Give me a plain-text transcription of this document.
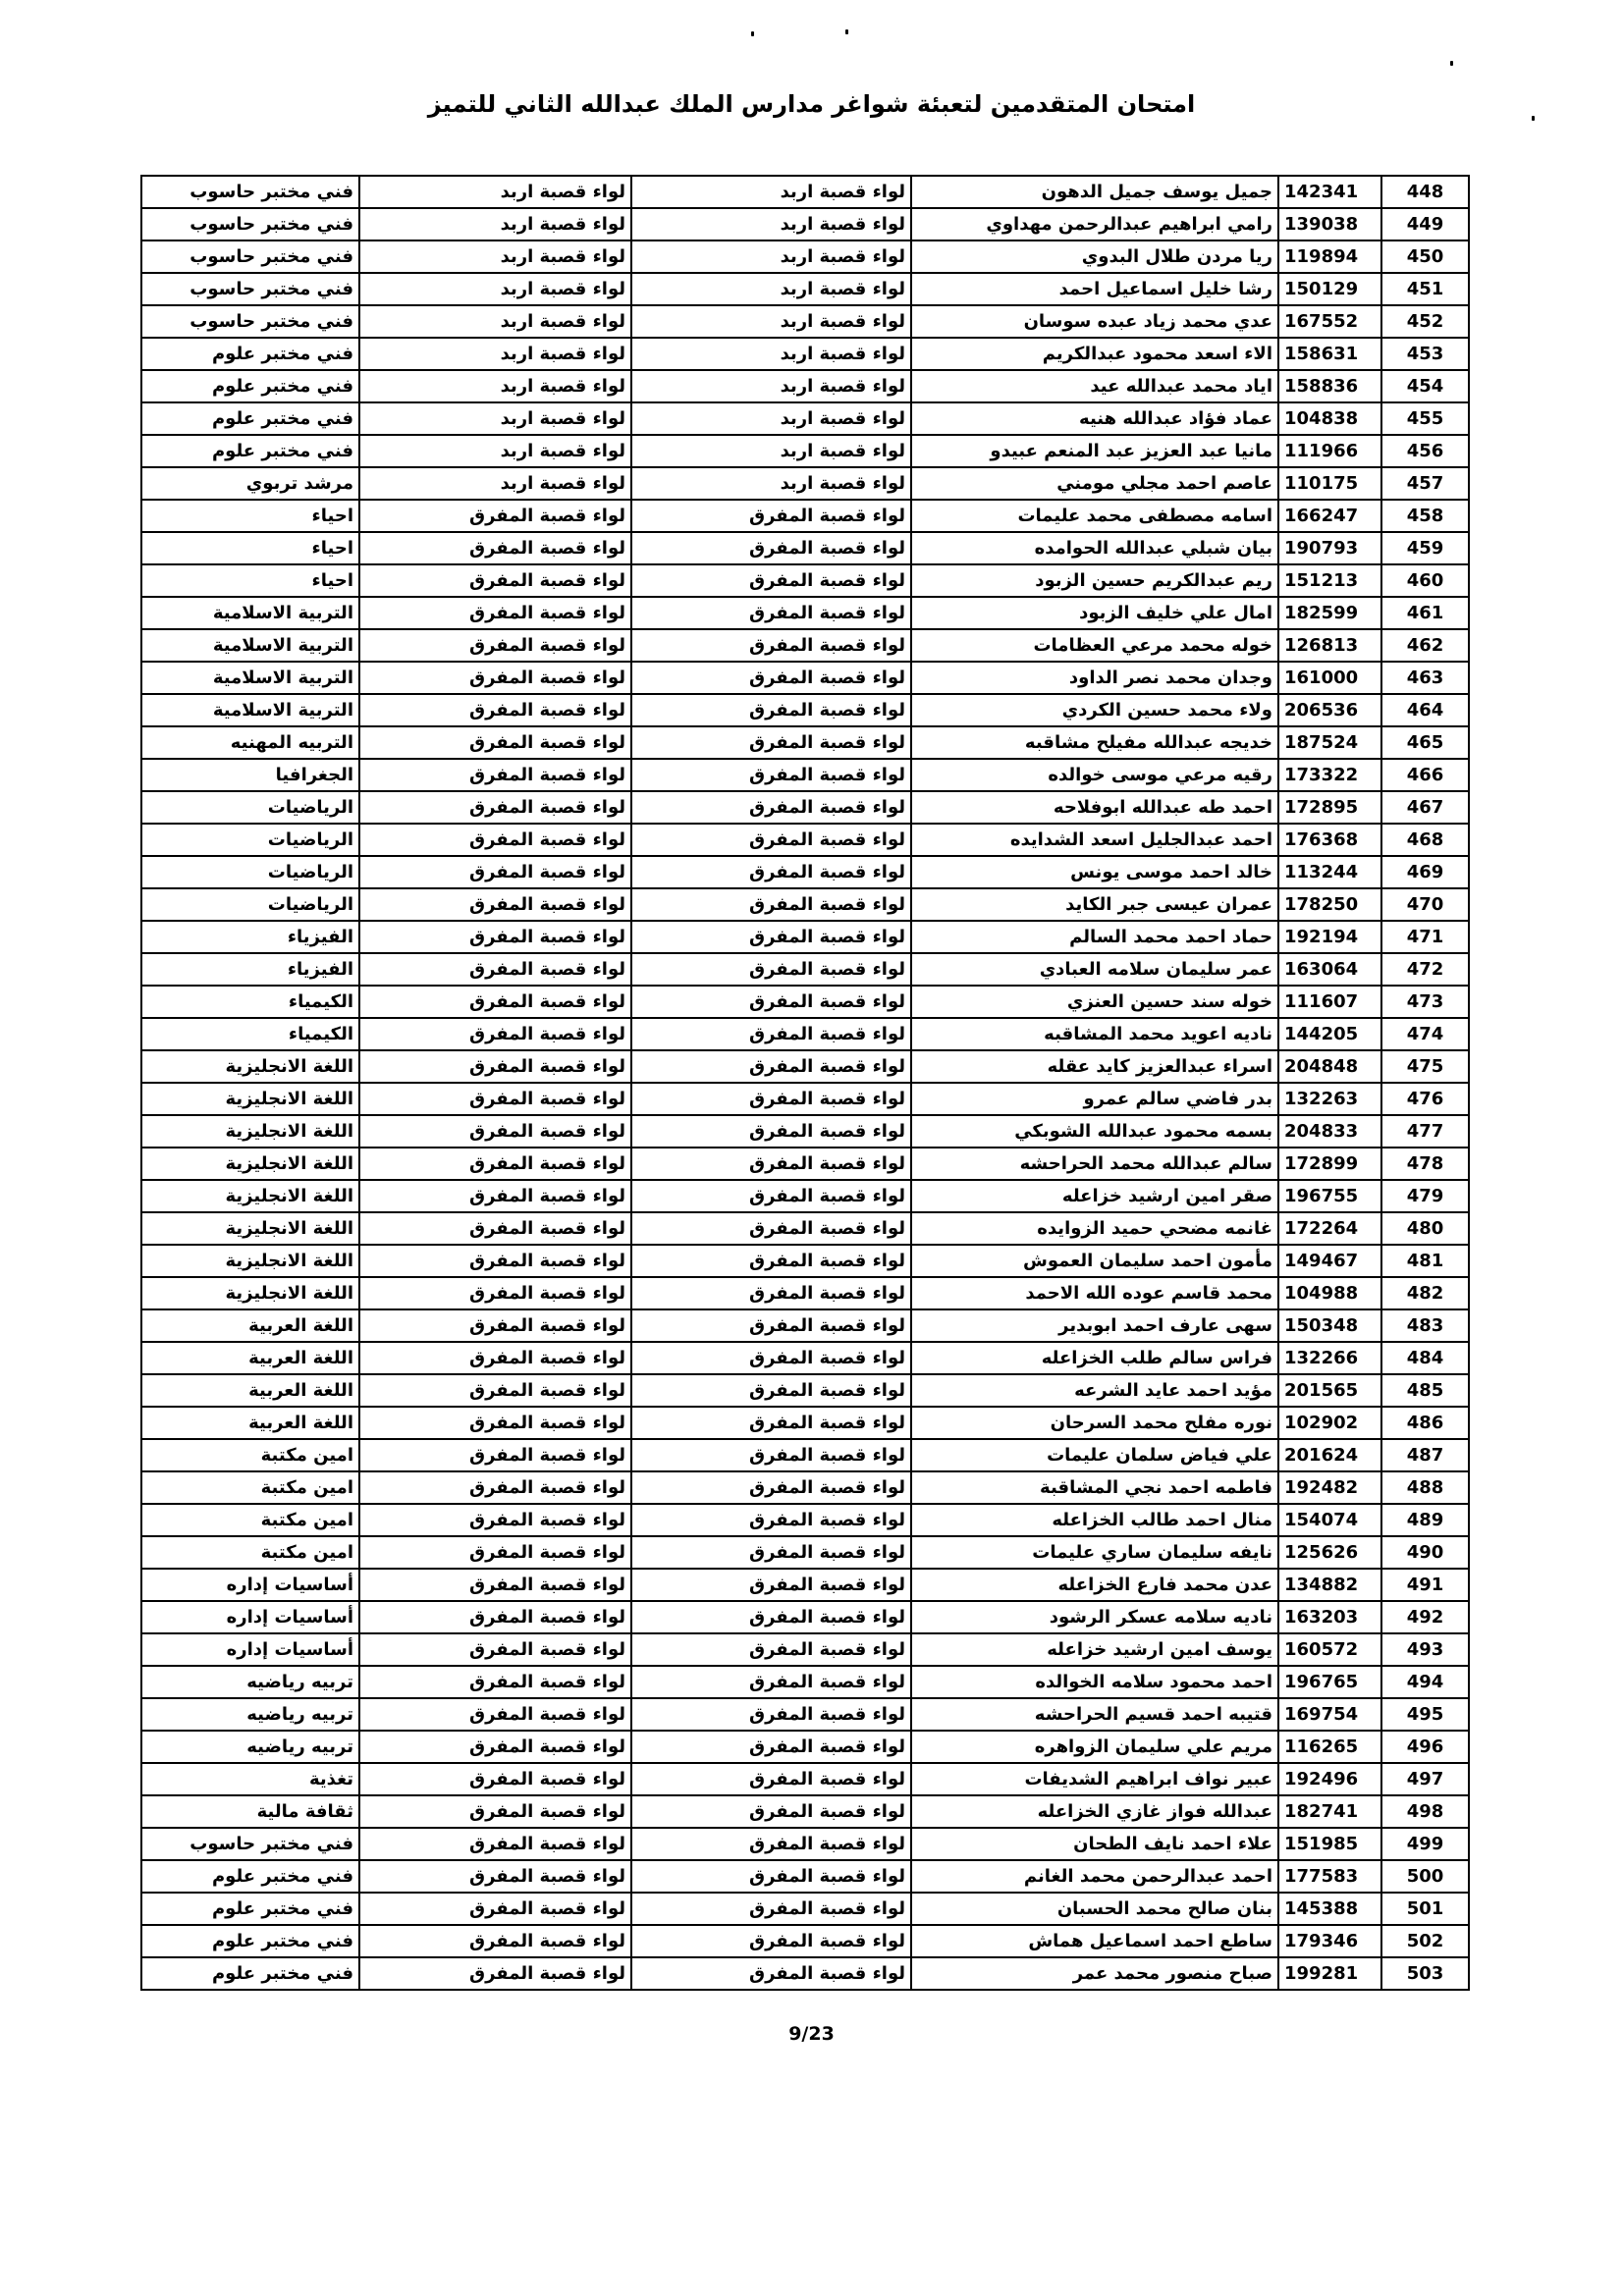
امتحان المتقدمين لتعبئة شواغر مدارس الملك عبدالله الثاني للتميز
فني مختبر حاسوب	لواء قصبة اربد	لواء قصبة اربد	جميل يوسف جميل الدهون	142341	448
فني مختبر حاسوب	لواء قصبة اربد	لواء قصبة اربد	رامي ابراهيم عبدالرحمن مهداوي	139038	449
فني مختبر حاسوب	لواء قصبة اربد	لواء قصبة اربد	ريا مردن طلال البدوي	119894	450
فني مختبر حاسوب	لواء قصبة اربد	لواء قصبة اربد	رشا خليل اسماعيل احمد	150129	451
فني مختبر حاسوب	لواء قصبة اربد	لواء قصبة اربد	عدي محمد زياد عبده سوسان	167552	452
فني مختبر علوم	لواء قصبة اربد	لواء قصبة اربد	الاء اسعد محمود عبدالكريم	158631	453
فني مختبر علوم	لواء قصبة اربد	لواء قصبة اربد	اياد محمد عبدالله عيد	158836	454
فني مختبر علوم	لواء قصبة اربد	لواء قصبة اربد	عماد فؤاد عبدالله هنيه	104838	455
فني مختبر علوم	لواء قصبة اربد	لواء قصبة اربد	مانيا عبد العزيز عبد المنعم عبيدو	111966	456
مرشد تربوي	لواء قصبة اربد	لواء قصبة اربد	عاصم احمد مجلي مومني	110175	457
احياء	لواء قصبة المفرق	لواء قصبة المفرق	اسامه مصطفى محمد عليمات	166247	458
احياء	لواء قصبة المفرق	لواء قصبة المفرق	بيان شبلي عبدالله الحوامده	190793	459
احياء	لواء قصبة المفرق	لواء قصبة المفرق	ريم عبدالكريم حسين الزبود	151213	460
التربية الاسلامية	لواء قصبة المفرق	لواء قصبة المفرق	امال علي خليف الزبود	182599	461
التربية الاسلامية	لواء قصبة المفرق	لواء قصبة المفرق	خوله محمد مرعي العظامات	126813	462
التربية الاسلامية	لواء قصبة المفرق	لواء قصبة المفرق	وجدان محمد نصر الداود	161000	463
التربية الاسلامية	لواء قصبة المفرق	لواء قصبة المفرق	ولاء محمد حسين الكردي	206536	464
التربيه المهنيه	لواء قصبة المفرق	لواء قصبة المفرق	خديجه عبدالله مفيلح مشاقبه	187524	465
الجغرافيا	لواء قصبة المفرق	لواء قصبة المفرق	رقيه مرعي موسى خوالده	173322	466
الرياضيات	لواء قصبة المفرق	لواء قصبة المفرق	احمد طه عبدالله ابوفلاحه	172895	467
الرياضيات	لواء قصبة المفرق	لواء قصبة المفرق	احمد عبدالجليل اسعد الشدايده	176368	468
الرياضيات	لواء قصبة المفرق	لواء قصبة المفرق	خالد احمد موسى يونس	113244	469
الرياضيات	لواء قصبة المفرق	لواء قصبة المفرق	عمران عيسى جبر الكايد	178250	470
الفيزياء	لواء قصبة المفرق	لواء قصبة المفرق	حماد احمد محمد السالم	192194	471
الفيزياء	لواء قصبة المفرق	لواء قصبة المفرق	عمر سليمان سلامه العبادي	163064	472
الكيمياء	لواء قصبة المفرق	لواء قصبة المفرق	خوله سند حسين العنزي	111607	473
الكيمياء	لواء قصبة المفرق	لواء قصبة المفرق	ناديه اعويد محمد المشاقبه	144205	474
اللغة الانجليزية	لواء قصبة المفرق	لواء قصبة المفرق	اسراء عبدالعزيز كايد عقله	204848	475
اللغة الانجليزية	لواء قصبة المفرق	لواء قصبة المفرق	بدر فاضي سالم عمرو	132263	476
اللغة الانجليزية	لواء قصبة المفرق	لواء قصبة المفرق	بسمه محمود عبدالله الشوبكي	204833	477
اللغة الانجليزية	لواء قصبة المفرق	لواء قصبة المفرق	سالم عبدالله محمد الحراحشه	172899	478
اللغة الانجليزية	لواء قصبة المفرق	لواء قصبة المفرق	صقر امين ارشيد خزاعله	196755	479
اللغة الانجليزية	لواء قصبة المفرق	لواء قصبة المفرق	غانمه مضحي حميد الزوايده	172264	480
اللغة الانجليزية	لواء قصبة المفرق	لواء قصبة المفرق	مأمون احمد سليمان العموش	149467	481
اللغة الانجليزية	لواء قصبة المفرق	لواء قصبة المفرق	محمد قاسم عوده الله الاحمد	104988	482
اللغة العربية	لواء قصبة المفرق	لواء قصبة المفرق	سهى عارف احمد ابوبدير	150348	483
اللغة العربية	لواء قصبة المفرق	لواء قصبة المفرق	فراس سالم طلب الخزاعله	132266	484
اللغة العربية	لواء قصبة المفرق	لواء قصبة المفرق	مؤيد احمد عايد الشرعه	201565	485
اللغة العربية	لواء قصبة المفرق	لواء قصبة المفرق	نوره مفلح محمد السرحان	102902	486
امين مكتبة	لواء قصبة المفرق	لواء قصبة المفرق	علي فياض سلمان عليمات	201624	487
امين مكتبة	لواء قصبة المفرق	لواء قصبة المفرق	فاطمه احمد نجي المشاقبة	192482	488
امين مكتبة	لواء قصبة المفرق	لواء قصبة المفرق	منال احمد طالب الخزاعله	154074	489
امين مكتبة	لواء قصبة المفرق	لواء قصبة المفرق	نايفه سليمان ساري عليمات	125626	490
أساسيات إداره	لواء قصبة المفرق	لواء قصبة المفرق	عدن محمد فارع الخزاعله	134882	491
أساسيات إداره	لواء قصبة المفرق	لواء قصبة المفرق	ناديه سلامه عسكر الرشود	163203	492
أساسيات إداره	لواء قصبة المفرق	لواء قصبة المفرق	يوسف امين ارشيد خزاعله	160572	493
تربيه رياضيه	لواء قصبة المفرق	لواء قصبة المفرق	احمد محمود سلامه الخوالده	196765	494
تربيه رياضيه	لواء قصبة المفرق	لواء قصبة المفرق	قتيبه احمد قسيم الحراحشه	169754	495
تربيه رياضيه	لواء قصبة المفرق	لواء قصبة المفرق	مريم علي سليمان الزواهره	116265	496
تغذية	لواء قصبة المفرق	لواء قصبة المفرق	عبير نواف ابراهيم الشديفات	192496	497
ثقافة مالية	لواء قصبة المفرق	لواء قصبة المفرق	عبدالله فواز غازي الخزاعله	182741	498
فني مختبر حاسوب	لواء قصبة المفرق	لواء قصبة المفرق	علاء احمد نايف الطحان	151985	499
فني مختبر علوم	لواء قصبة المفرق	لواء قصبة المفرق	احمد عبدالرحمن محمد الغانم	177583	500
فني مختبر علوم	لواء قصبة المفرق	لواء قصبة المفرق	بنان صالح محمد الحسبان	145388	501
فني مختبر علوم	لواء قصبة المفرق	لواء قصبة المفرق	ساطع احمد اسماعيل هماش	179346	502
فني مختبر علوم	لواء قصبة المفرق	لواء قصبة المفرق	صباح منصور محمد عمر	199281	503
9/23
